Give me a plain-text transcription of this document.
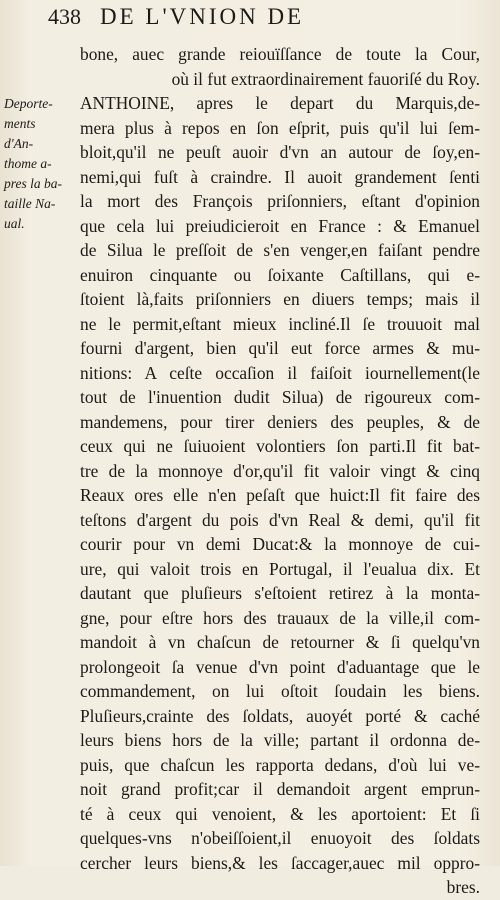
438 DE L'VNION DE
Deporte-
ments
d'An-
thome a-
pres la ba-
taille Na-
ual.
bone, auec grande reiouïſſance de toute la Cour,
où il fut extraordinairement fauoriſé du Roy.
ANTHOINE, apres le depart du Marquis,de-
mera plus à repos en ſon eſprit, puis qu'il lui ſem-
bloit,qu'il ne peuſt auoir d'vn an autour de ſoy,en-
nemi,qui fuſt à craindre. Il auoit grandement ſenti
la mort des François priſonniers, eſtant d'opinion
que cela lui preiudicieroit en France : & Emanuel
de Silua le preſſoit de s'en venger,en faiſant pendre
enuiron cinquante ou ſoixante Caſtillans, qui e-
ſtoient là,faits priſonniers en diuers temps; mais il
ne le permit,eſtant mieux incliné.Il ſe trouuoit mal
fourni d'argent, bien qu'il eut force armes & mu-
nitions: A ceſte occaſion il faiſoit iournellement(le
tout de l'inuention dudit Silua) de rigoureux com-
mandemens, pour tirer deniers des peuples, & de
ceux qui ne ſuiuoient volontiers ſon parti.Il fit bat-
tre de la monnoye d'or,qu'il fit valoir vingt & cinq
Reaux ores elle n'en peſaſt que huict:Il fit faire des
teſtons d'argent du pois d'vn Real & demi, qu'il fit
courir pour vn demi Ducat:& la monnoye de cui-
ure, qui valoit trois en Portugal, il l'eualua dix. Et
dautant que pluſieurs s'eſtoient retirez à la monta-
gne, pour eſtre hors des trauaux de la ville,il com-
mandoit à vn chaſcun de retourner & ſi quelqu'vn
prolongeoit ſa venue d'vn point d'aduantage que le
commandement, on lui oſtoit ſoudain les biens.
Pluſieurs,crainte des ſoldats, auoyét porté & caché
leurs biens hors de la ville; partant il ordonna de-
puis, que chaſcun les rapporta dedans, d'où lui ve-
noit grand profit;car il demandoit argent emprun-
té à ceux qui venoient, & les aportoient: Et ſi
quelques-vns n'obeiſſoient,il enuoyoit des ſoldats
cercher leurs biens,& les ſaccager,auec mil oppro-
bres.
